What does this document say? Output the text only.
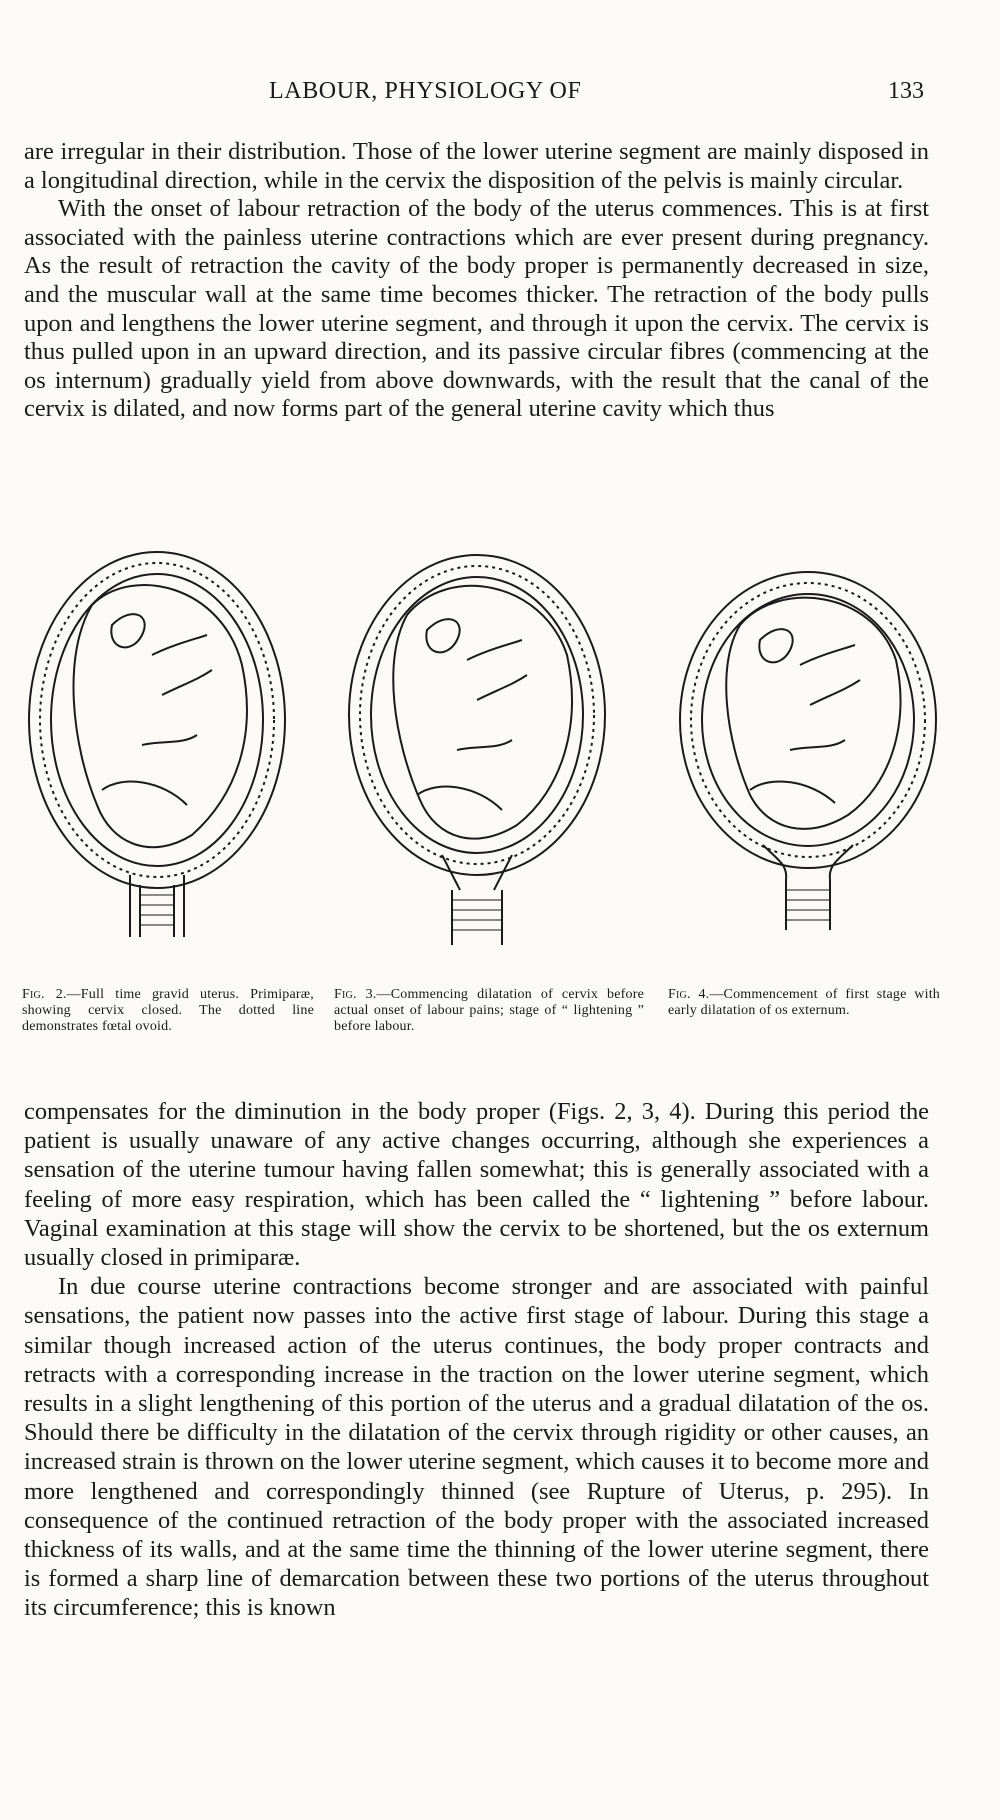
LABOUR, PHYSIOLOGY OF	133

are irregular in their distribution. Those of the lower uterine segment are mainly disposed in a longitudinal direction, while in the cervix the disposition of the pelvis is mainly circular.

With the onset of labour retraction of the body of the uterus commences. This is at first associated with the painless uterine contractions which are ever present during pregnancy. As the result of retraction the cavity of the body proper is permanently decreased in size, and the muscular wall at the same time becomes thicker. The retraction of the body pulls upon and lengthens the lower uterine segment, and through it upon the cervix. The cervix is thus pulled upon in an upward direction, and its passive circular fibres (commencing at the os internum) gradually yield from above downwards, with the result that the canal of the cervix is dilated, and now forms part of the general uterine cavity which thus

Fig. 2.—Full time gravid uterus. Primiparæ, showing cervix closed. The dotted line demonstrates fœtal ovoid.
Fig. 3.—Commencing dilatation of cervix before actual onset of labour pains; stage of “ lightening ” before labour.
Fig. 4.—Commencement of first stage with early dilatation of os externum.

compensates for the diminution in the body proper (Figs. 2, 3, 4). During this period the patient is usually unaware of any active changes occurring, although she experiences a sensation of the uterine tumour having fallen somewhat; this is generally associated with a feeling of more easy respiration, which has been called the “ lightening ” before labour. Vaginal examination at this stage will show the cervix to be shortened, but the os externum usually closed in primiparæ.

In due course uterine contractions become stronger and are associated with painful sensations, the patient now passes into the active first stage of labour. During this stage a similar though increased action of the uterus continues, the body proper contracts and retracts with a corresponding increase in the traction on the lower uterine segment, which results in a slight lengthening of this portion of the uterus and a gradual dilatation of the os. Should there be difficulty in the dilatation of the cervix through rigidity or other causes, an increased strain is thrown on the lower uterine segment, which causes it to become more and more lengthened and correspondingly thinned (see Rupture of Uterus, p. 295). In consequence of the continued retraction of the body proper with the associated increased thickness of its walls, and at the same time the thinning of the lower uterine segment, there is formed a sharp line of demarcation between these two portions of the uterus throughout its circumference; this is known
